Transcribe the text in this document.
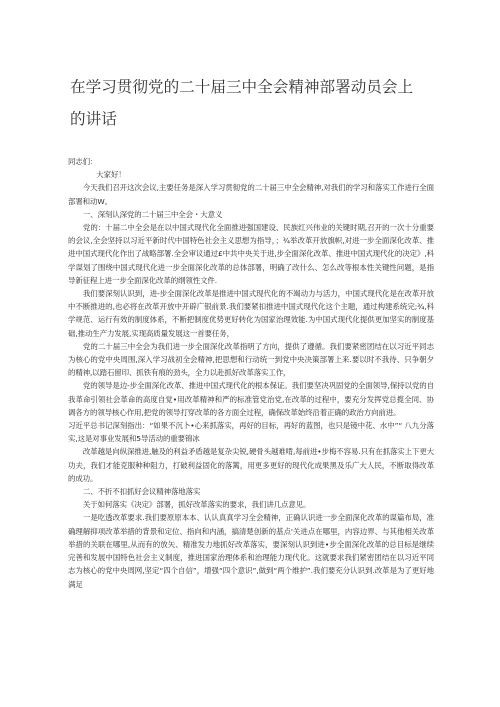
在学习贯彻党的二十届三中全会精神部署动员会上
的讲话

同志们：

大家好！

今天我们召开这次会议,主要任务是深入学习贯彻党的二十届三中全会精神,对我们的学习和落实工作进行全面部署和动W。

一、深刻认深党的二十届三中全会・大意义

党的：十届二中全会是在以中国式现代化全面推进强国建设、民族红兴伟业的关键时期,召开的一次十分重要的会议,全会坚持以习近平新时代中国特色社会主义思想为指导，；¾举改革开放旗帜,对进一步全面深化改革、推进中国式现代化作出了战略部署.全会审议通过£中共中央关于进,步全面深化改革、推进中国式现代化的决定》,科学谋划了围绕中国式现代化进一步全面深化改革的总体部署，明确了改什么、怎么改等根本性关键性问题，是指导新征程上进一步全面深化改革的纲领性文件.

我们要深刻认识到，进-步全面深化改革是推进中国式现代化的不竭动力与活力，中国式现代化是在改革开放中不断推进的,也必将在改革开放中开辟广银前景.我们要紧扣推进中国式现代化这个主题，通过构建系统完;¾,科学规范、运行有效的制度体系，不断把制度优势更好转化为国家治理效能.为中国式现代化提供更加坚实的制度基础,推动生产力发展,实现高质量发展这一首要任务，

党的二十届三中全会为我们进一步全面深化改革指明了方向，提供了遵循。我们要紧密团结在以习近平同志为核心的党中央周围,深入学习战初全会精神,把思想和行动统一到党中央决策部署上来.要以时不我待、只争朝夕的精神,以踏石留印、抓铁有痕的劲头，全力以赴抓好改革落实工作，

党的领导是边-步全面深化改革、推进中国式现代化的根本保证。我们要坚决巩固党的全面领导,保持以党的自我革命引领社会革命的高度自觉•用改革精神和严的标准管党治党,在改革的过程中，要充分发挥党总揽全同、协调各方的领导核心作用,把党的领导打穿改革的各方面全过程，确保改革始终沿着正确的政治方向前进。

习近平总书记深刻指出：“如果不沉卜•心来抓落实，再好的目标，再好的蓝图，也只是镜中花、水中”“ 八九分落实,这是对事业发展和5导活动的重要锦冰

改革越是向纵深推进,触及的利益矛盾越是复杂尖锐,硬骨头越难啃,每前进•步梅不容易.只有在抓落实上下更大功夫，我们才能克服种种阻力，打破利益固化的落篱，用更多更好的现代化成果黑及乐广大人民，不断取得改革的成功。

二、不折不扣抓好会议精神落地落实

关于如何落实《决定》部署，抓好改革落实的要求，我们讲几点意见。

一是吃透改革要求.我们要原原本本、认认真真学习全会精神，正确认识进一步全面深化改革的谋篇布局，准确理解抑项改革举措的背景和定位、指向和内涵，搞清楚创新的基点'关进点在哪里，内容边界、与其他相关改革举措的关联在哪里,从而有的放矢、精准发力地抓好改革落实，要深刻认识到进•步全面深化改革的总目标是继续完善和发展中国特色社会主义制度，推进国家治理体系和治理能力现代化。这就要求我们紧密团结在以习近平同志为核心的党中央周网,坚定“四个自信”，增强“四个意识”,做到“两个维护”.我们要充分认识到.改革是为了更好地满足
